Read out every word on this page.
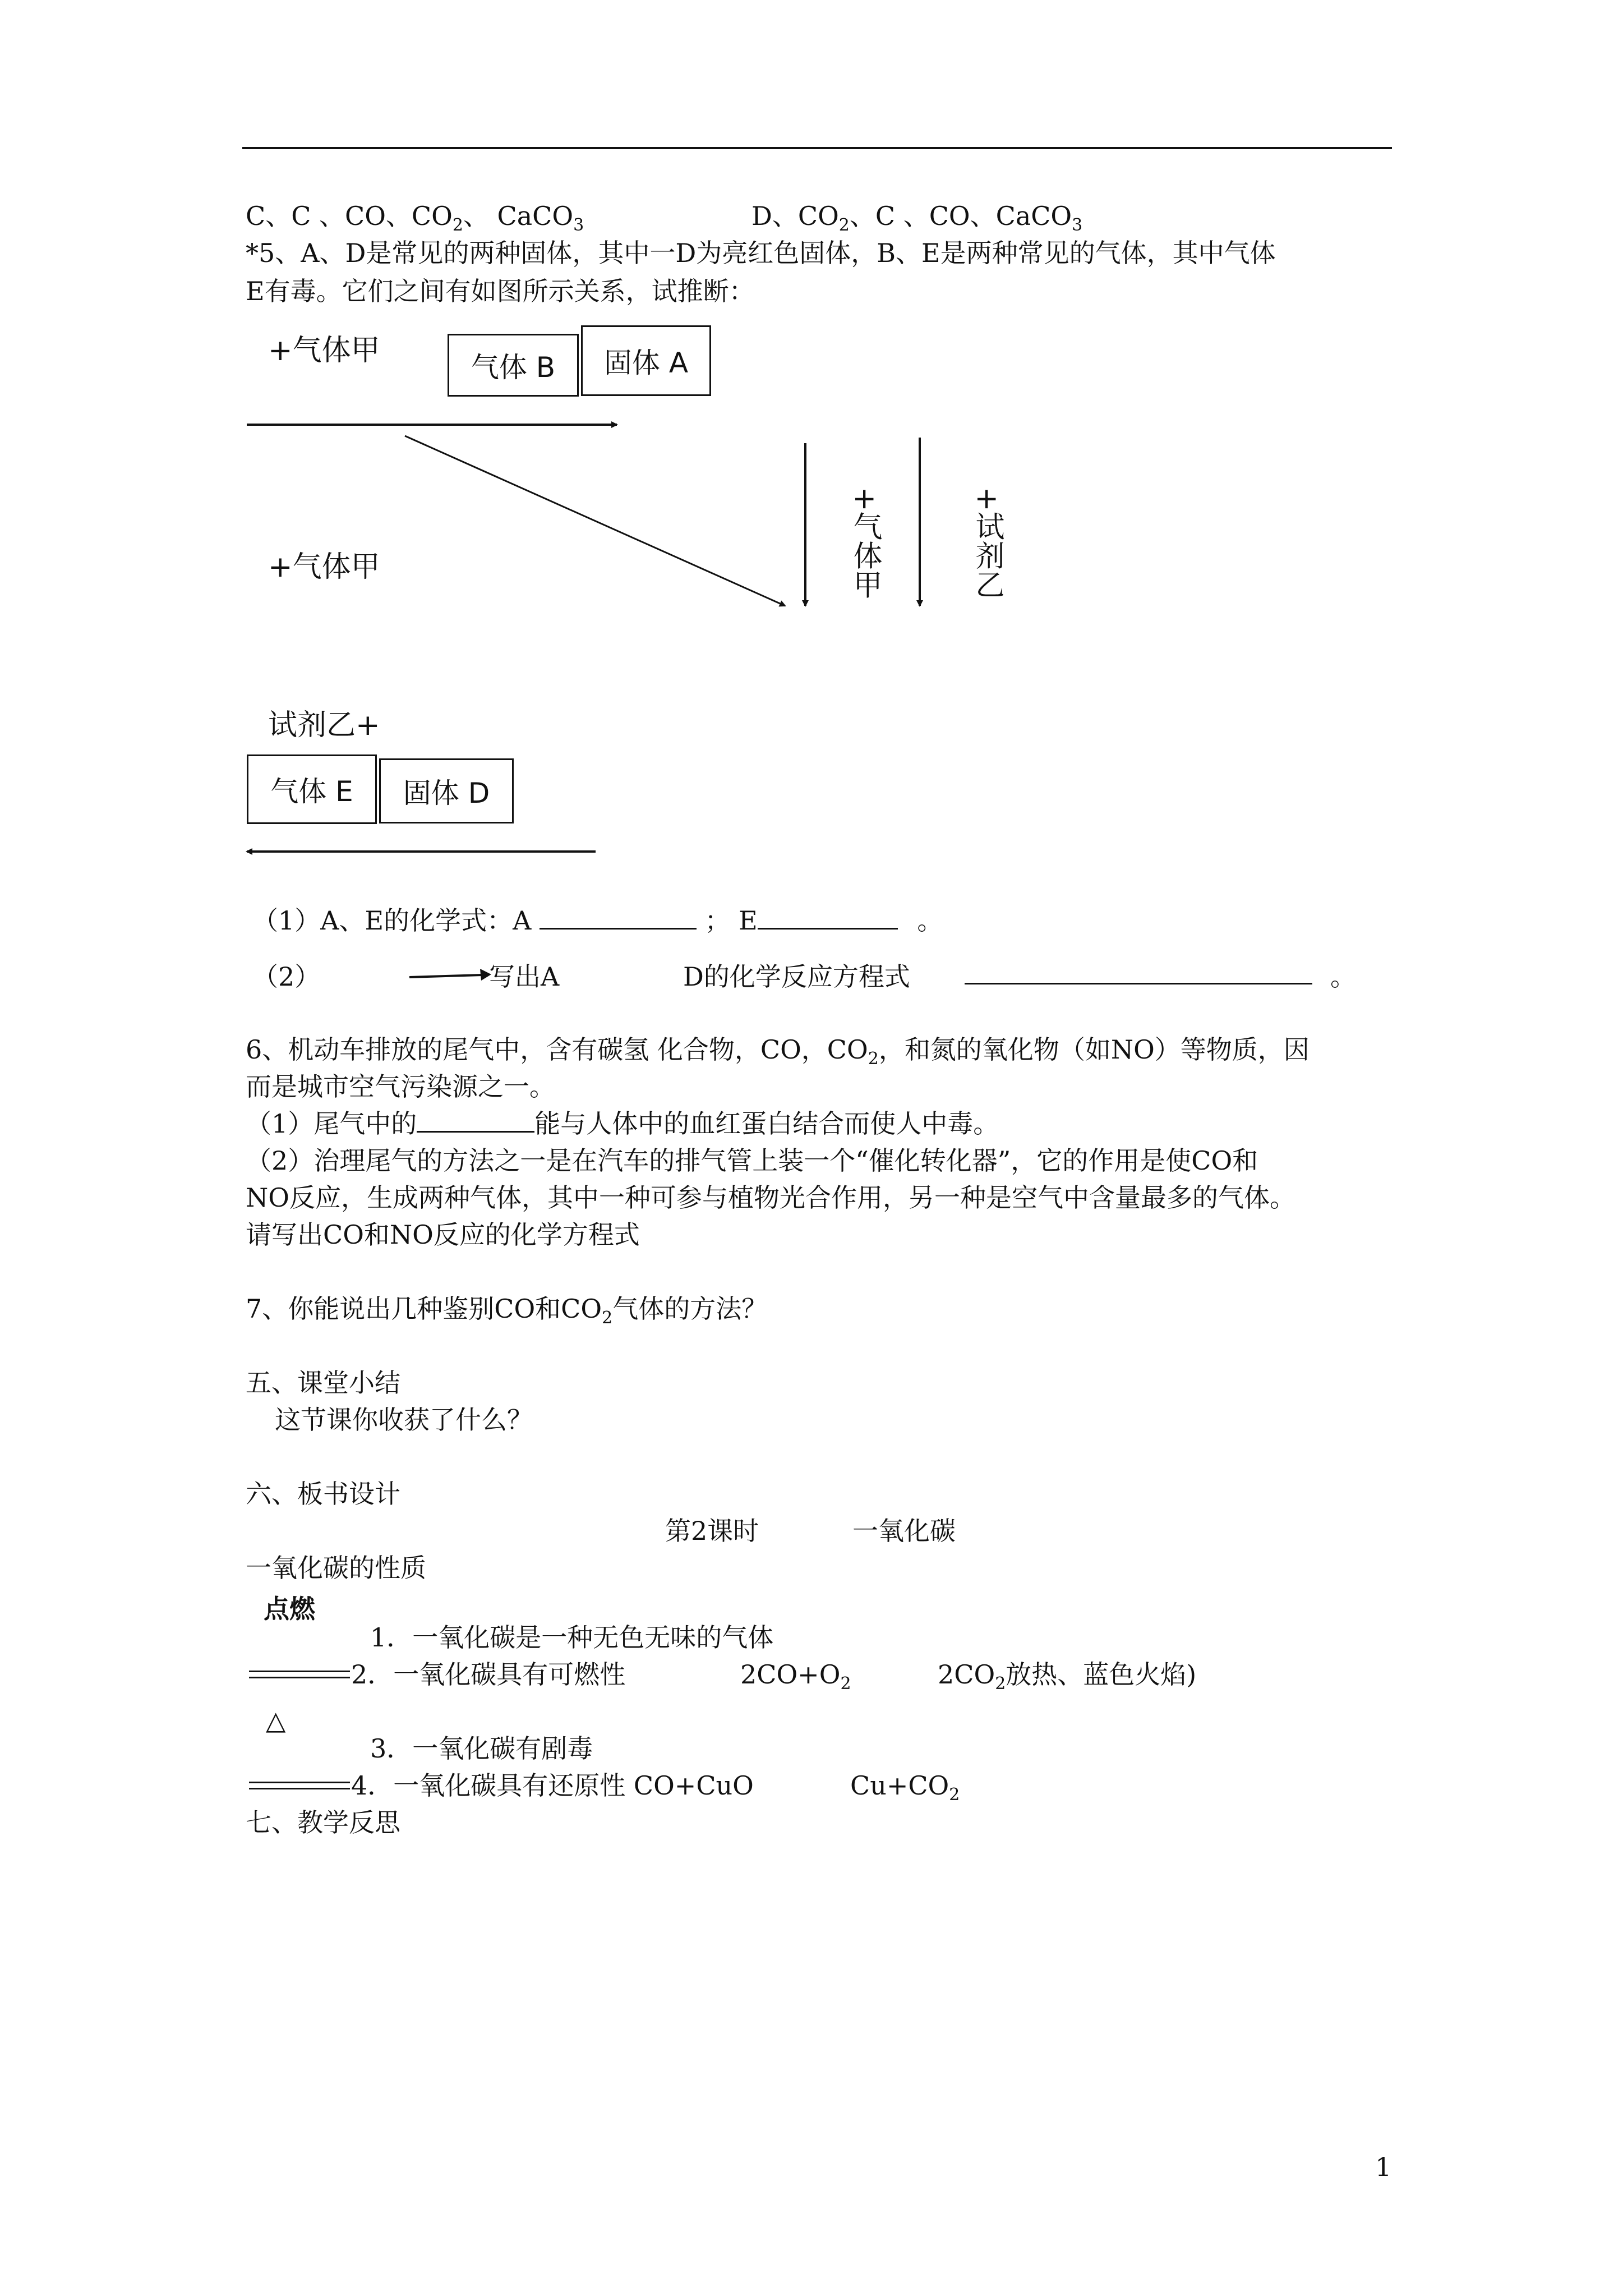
C、C 、CO、$CO_2$、 CaCO$_3$	D、$CO_2$、C 、CO、CaCO$_3$
*5、A、D是常见的两种固体，其中一D为亮红色固体，B、E是两种常见的气体，其中气体
E有毒。它们之间有如图所示关系，试推断：
+气体甲	气体 B	固体 A
+气体甲	+气体甲	+试剂乙
试剂乙+
气体 E	固体 D
（1）A、E的化学式：A	； E	。
（2）	写出A	D的化学反应方程式	。
6、机动车排放的尾气中，含有碳氢 化合物，CO，$CO_2$，和氮的氧化物（如NO）等物质，因
而是城市空气污染源之一。
（1）尾气中的	能与人体中的血红蛋白结合而使人中毒。
（2）治理尾气的方法之一是在汽车的排气管上装一个“催化转化器”，它的作用是使CO和
NO反应，生成两种气体，其中一种可参与植物光合作用，另一种是空气中含量最多的气体。
请写出CO和NO反应的化学方程式
7、你能说出几种鉴别CO和$CO_2$气体的方法？
五、课堂小结
这节课你收获了什么？
六、板书设计
第2课时	一氧化碳
一氧化碳的性质
点燃
1．一氧化碳是一种无色无味的气体
2．一氧化碳具有可燃性	$2CO+O_2$	$2CO_2$放热、蓝色火焰)
△
3．一氧化碳有剧毒
4．一氧化碳具有还原性 CO+CuO	$Cu+CO_2$
七、教学反思
1
